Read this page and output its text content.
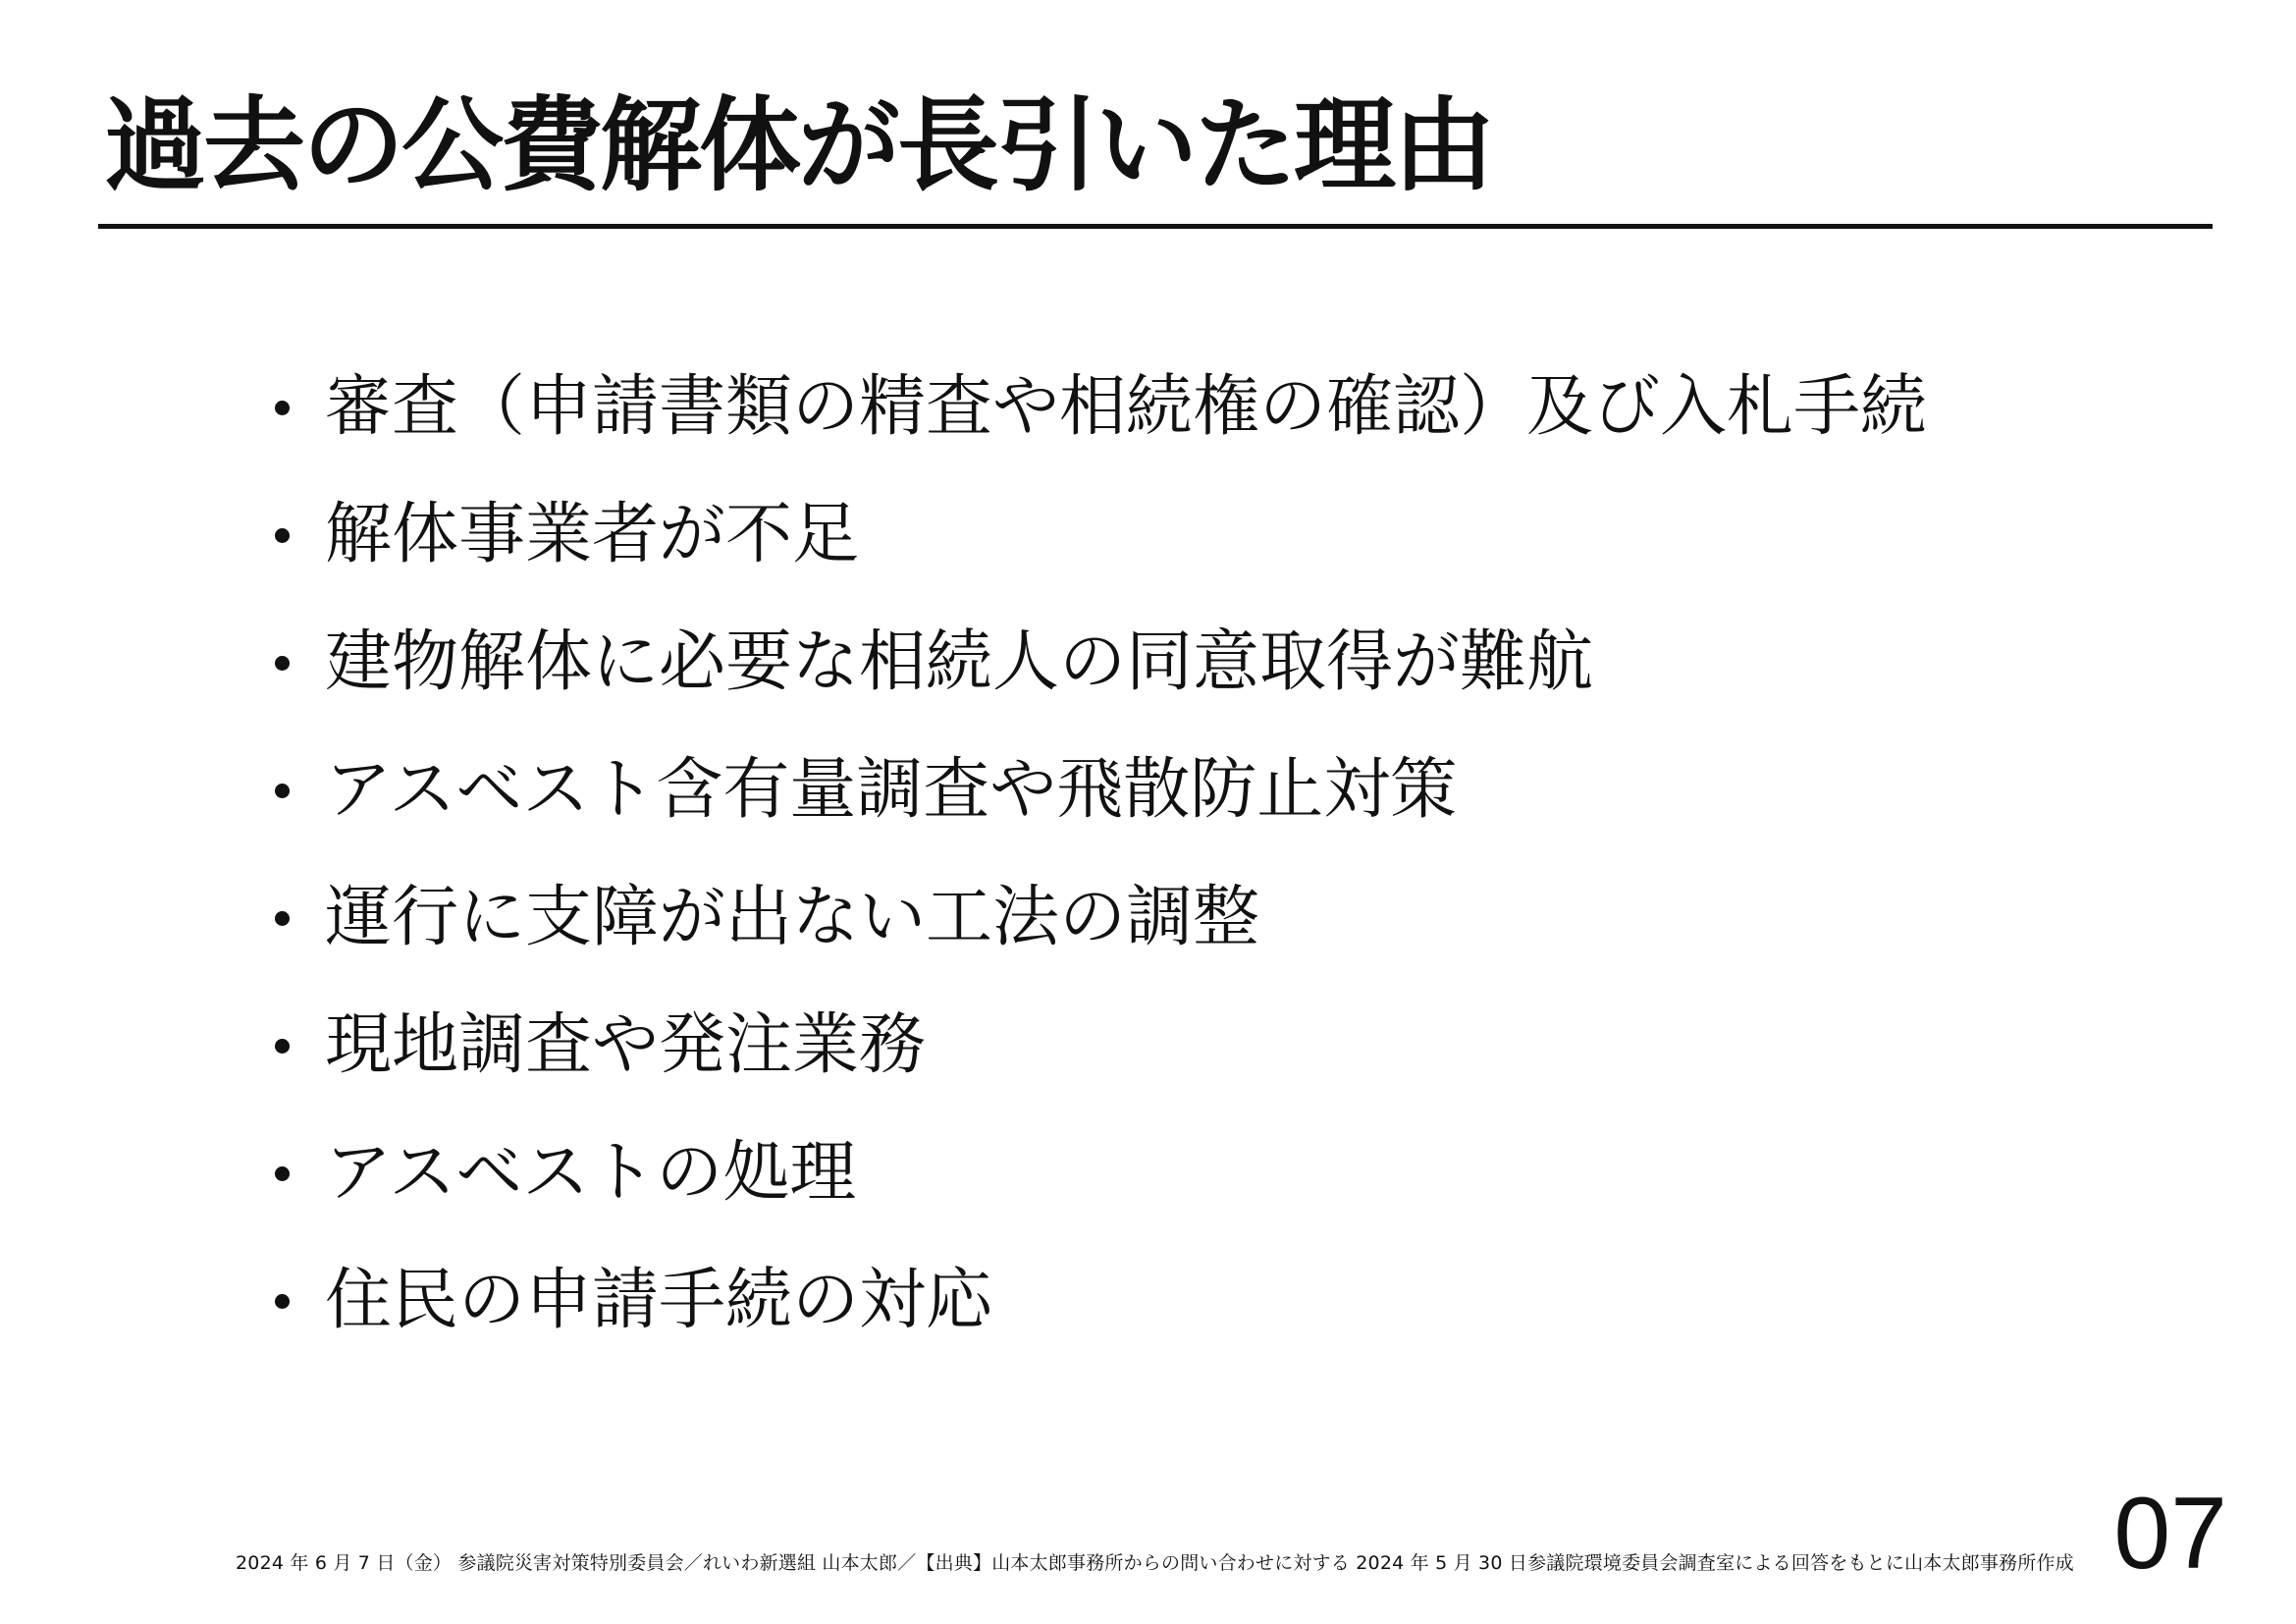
過去の公費解体が長引いた理由
審査（申請書類の精査や相続権の確認）及び入札手続
解体事業者が不足
建物解体に必要な相続人の同意取得が難航
アスベスト含有量調査や飛散防止対策
運行に支障が出ない工法の調整
現地調査や発注業務
アスベストの処理
住民の申請手続の対応

2024 年 6 月 7 日（金） 参議院災害対策特別委員会／れいわ新選組 山本太郎／【出典】山本太郎事務所からの問い合わせに対する 2024 年 5 月 30 日参議院環境委員会調査室による回答をもとに山本太郎事務所作成 07
